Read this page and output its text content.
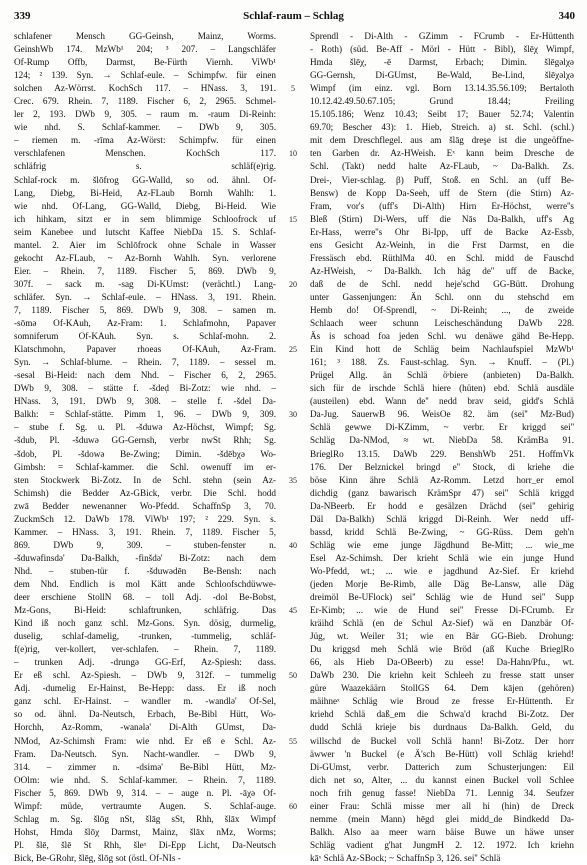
339	Schlaf-raum – Schlag	340
schlafener Mensch GG-Geinsh, Mainz, Worms.
GeinshWb 174. MzWb¹ 204; ³ 207. – Langschläfer
Of-Rump Offb, Darmst, Be-Fürth Viernh. ViWb¹
124; ² 139. Syn. → Schlaf-eule. – Schimpfw. für einen
solchen Az-Wörrst. KochSch 117. – HNass. 3, 191.
Crec. 679. Rhein. 7, 1189. Fischer 6, 2, 2965. Schmel-
ler 2, 193. DWb 9, 305. – raum m. -raum Di-Reinh:
wie nhd. S. Schlaf-kammer. – DWb 9, 305.
– riemen m. -rīma Az-Wörst: Schimpfw. für einen
verschlafenen Menschen. KochSch 117.
schläfrig s. schläf(e)rig.
Schlaf-rock m. šlōfrog GG-Walld, so od. ähnl. Of-
Lang, Diebg, Bi-Heid, Az-FLaub Bornh Wahlh: 1.
wie nhd. Of-Lang, GG-Walld, Diebg, Bi-Heid. Wie
ich hihkam, sitzt er in sem blimmige Schloofrock uf
seim Kanebee und lutscht Kaffee NiebDa 15. S. Schlaf-
mantel. 2. Aier im Schlōfrock ohne Schale in Wasser
gekocht Az-FLaub, ~ Az-Bornh Wahlh. Syn. verlorene
Eier. – Rhein. 7, 1189. Fischer 5, 869. DWb 9,
307f. – sack m. -sag Di-KUmst: (verächtl.) Lang-
schläfer. Syn. → Schlaf-eule. – HNass. 3, 191. Rhein.
7, 1189. Fischer 5, 869. DWb 9, 308. – samen m.
-sōmə Of-KAuh, Az-Fram: 1. Schlafmohn, Papaver
somniferum Of-KAuh. Syn. s. Schlaf-mohn. 2.
Klatschmohn, Papaver rhoeas Of-KAuh, Az-Fram.
Syn. → Schlaf-blume. – Rhein. 7, 1189. – sessel m.
-sesəl Bi-Heid: nach dem Nhd. – Fischer 6, 2, 2965.
DWb 9, 308. – stätte f. -šdeḍ Bi-Zotz: wie nhd. –
HNass. 3, 191. DWb 9, 308. – stelle f. -šdel Da-
Balkh: = Schlaf-stätte. Pimm 1, 96. – DWb 9, 309.
– stube f. Sg. u. Pl. -šduwə Az-Höchst, Wimpf; Sg.
-šdub, Pl. -šduwə GG-Gernsh, verbr nwSt Rhh; Sg.
-šdob, Pl. -šdowə Be-Zwing; Dimin. -šdēbχə Wo-
Gimbsh: = Schlaf-kammer. die Schl. owenuff im er-
sten Stockwerk Bi-Zotz. In de Schl. stehn (sein Az-
Schimsh) die Bedder Az-GBick, verbr. Die Schl. hodd
zwā Bedder newenanner Wo-Pfedd. SchaffnSp 3, 70.
ZuckmSch 12. DaWb 178. ViWb¹ 197; ² 229. Syn. s.
Kammer. – HNass. 3, 191. Rhein. 7, 1189. Fischer 5,
869. DWb 9, 309. – stuben-fenster n.
-šduwəfinsdə' Da-Balkh, -finšdə' Bi-Zotz: nach dem
Nhd. – stuben-tür f. -šduwədēn Be-Bensh: nach
dem Nhd. Endlich is mol Kätt ande Schloofschdüwwe-
deer erschiene StollN 68. – toll Adj. -dol Be-Bobst,
Mz-Gons, Bi-Heid: schlaftrunken, schläfrig. Das
Kind iß noch ganz schl. Mz-Gons. Syn. dösig, durmelig,
duselig, schlaf-damelig, -trunken, -tummelig, schläf-
f(e)rig, ver-kollert, ver-schlafen. – Rhein. 7, 1189.
– trunken Adj. -drungə GG-Erf, Az-Spiesh: dass.
Er eß schl. Az-Spiesh. – DWb 9, 312f. – tummelig
Adj. -dumelig Er-Hainst, Be-Hepp: dass. Er iß noch
ganz schl. Er-Hainst. – wandler m. -wandlə' Of-Sel,
so od. ähnl. Da-Neutsch, Erbach, Be-Bibl Hütt, Wo-
Horchh, Az-Romm, -wanələ' Di-Alth GUmst, Da-
NMod, Az-Schimsh Fram: wie nhd. Er eß e Schl. Az-
Fram. Da-Neutsch. Syn. Nacht-wandler. – DWb 9,
314. – zimmer n. -dsimə' Be-Bibl Hütt, Mz-
OOlm: wie nhd. S. Schlaf-kammer. – Rhein. 7, 1189.
Fischer 5, 869. DWb 9, 314. – – auge n. Pl. -āχə Of-
Wimpf: müde, vertraumte Augen. S. Schlaf-auge.
Schlag m. Sg. šlōg nSt, šlāg sSt, Rhh, šlāx Wimpf
Hohst, Hmda šlōχ Darmst, Mainz, šlāx nMz, Worms;
Pl. šlē, šlē St Rhh, šleˣ Di-Epp Licht, Da-Neutsch
Bick, Be-GRohr, šlēg, šlōg sot (östl. Of-NIs -
5
10
15
20
25
30
35
40
45
50
55
60
Sprendl - Di-Alth - GZimm - FCrumb - Er-Hüttenth
- Roth) (süd. Be-Aff - Mörl - Hütt - Bibl), šlēχ Wimpf,
Hmda šlēχ, -ē Darmst, Erbach; Dimin. šlēgəlχə
GG-Gernsh, Di-GUmst, Be-Wald, Be-Lind, šlēχəlχə
Wimpf (im einz. vgl. Born 13.14.35.56.109; Bertaloth
10.12.42.49.50.67.105; Grund 18.44; Freiling
15.105.186; Wenz 10.43; Seibt 17; Bauer 52.74; Valentin
69.70; Bescher 43): 1. Hieb, Streich. a) st. Schl. (schl.)
mit dem Dreschflegel. aus am šlāg dreşe ist die ungeöffne-
ten Garben dr. Az-HWeish. Eˣ kann beim Dresche de
Schl. (Takt) nedd halte Az-FLaub, ~ Da-Balkh. Zs.
Drei-, Vier-schlag. β) Puff, Stoß. en Schl. an (uff Be-
Bensw) de Kopp Da-Seeh, uff de Stern (die Stirn) Az-
Fram, vor's (uff's Di-Alth) Hirn Er-Höchst, werre''s
Bleß (Stirn) Di-Wers, uff die Nās Da-Balkh, uff's Ag
Er-Hass, werre''s Ohr Bi-Ipp, uff de Backe Az-Essb,
ens Gesicht Az-Weinh, in die Frst Darmst, en die
Fressäsch ebd. RüthlMa 40. en Schl. midd de Fauschd
Az-HWeish, ~ Da-Balkh. Ich häg de'' uff de Backe,
daß de de Schl. nedd heje'schd GG-Bütt. Drohung
unter Gassenjungen: Än Schl. onn du stehschd em
Hemb do! Of-Sprendl, ~ Di-Reinh; ..., de zweide
Schlaach weer schunn Leischeschändung DaWb 228.
Äs is schoad foa jeden Schl. wu denäwe gähd Be-Hepp.
Ein Kind hott de Schläg beim Nachlaufspiel MzWb¹
161; ³ 188. Zs. Faust-schlag. Syn. → Knuff. – (Pl.)
Prügel Allg. än Schlä öˢbiere (anbieten) Da-Balkh.
sich für de irschde Schlä hiere (hüten) ebd. Schlä ausdäle
(austeilen) ebd. Wann de'' nedd brav seid, gidd's Schlä
Da-Jug. SauerwB 96. WeisOe 82. äm (sei'' Mz-Bud)
Schlä gewwe Di-KZimm, ~ verbr. Er kriggd sei''
Schläg Da-NMod, ≈ wt. NiebDa 58. KrämBa 91.
BrieglRo 13.15. DaWb 229. BenshWb 251. HoffmVk
176. Der Belznickel bringd e'' Stock, di kriehe die
böse Kinn ähre Schlä Az-Romm. Letzd horr_er emol
dichdig (ganz bawarisch KrämSpr 47) sei'' Schlä kriggd
Da-NBeerb. Er hodd e gesälzen Drächd (sei'' gehirig
Däl Da-Balkh) Schlä kriggd Di-Reinh. Wer nedd uff-
bassd, kridd Schlä Be-Zwing, ~ GG-Rüss. Dem geh'n
Schläg wie eme junge Jägdhund Be-Mitt; ... wie_me
Esel Az-Schimsh. Der krieht Schlä wie ein junge Hund
Wo-Pfedd, wt.; ... wie e jagdhund Az-Sief. Er kriehd
(jeden Morje Be-Rimb, alle Däg Be-Lansw, alle Däg
dreimöl Be-UFlock) sei'' Schläg wie de Hund sei'' Supp
Er-Kimb; ... wie de Hund sei'' Fresse Di-FCrumb. Er
kräihd Schlä (en de Schul Az-Sief) wä en Danzbär Of-
Jüg, wt. Weiler 31; wie en Bär GG-Bieb. Drohung:
Du kriggsd meh Schlä wie Bröd (aß Kuche BrieglRo
66, als Hieb Da-OBeerb) zu esse! Da-Hahn/Pfu., wt.
DaWb 230. Die kriehn keit Schleeh zu fresse statt unser
güre Waazekäärn StollGS 64. Dem kājen (gehören)
mäihneˣ Schläg wie Broud ze fresse Er-Hüttenth. Er
kriehd Schlä daß_em die Schwa'd krachd Bi-Zotz. Der
dudd Schlä krieje bis durdnaus Da-Balkh. Geld, du
willschd de Buckel voll Schlä hann! Bi-Zotz. Der horr
äwwer 'n Buckel (e Ä'sch Be-Hütt) voll Schläg kriehd!
Di-GUmst, verbr. Datterich zum Schusterjungen: Eil
dich net so, Alter, ... du kannst einen Buckel voll Schlee
noch frih genug fasse! NiebDa 71. Lennig 34. Seufzer
einer Frau: Schlä misse mer all hi (hin) de Dreck
nemme (mein Mann) hēgd glei midd_de Bindkedd Da-
Balkh. Also aa meer warn bäise Buwe un häwe unser
Schläg vadient g'hat JungmH 2. 12. 1972. Ich kriehn
kāˣ Schlä Az-SBock; ~ SchaffnSp 3, 126. sei'' Schlä
